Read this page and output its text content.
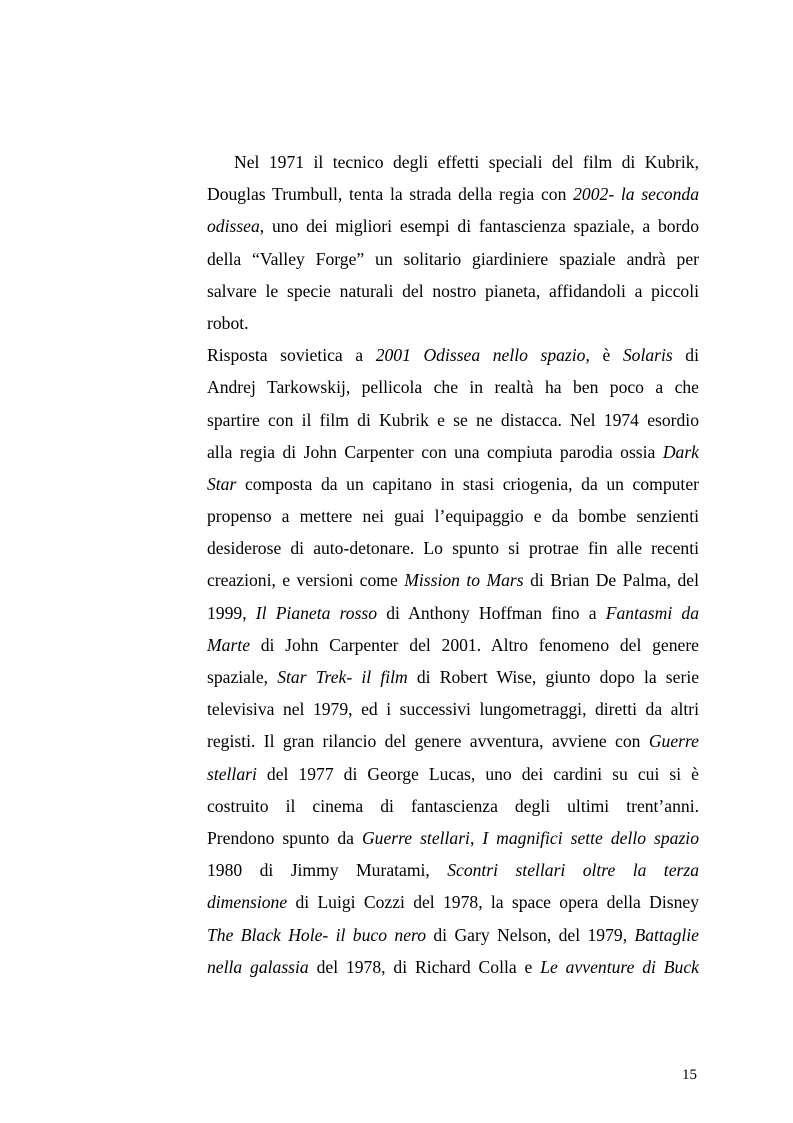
Nel 1971 il tecnico degli effetti speciali del film di Kubrik,
Douglas Trumbull, tenta la strada della regia con 2002- la seconda
odissea, uno dei migliori esempi di fantascienza spaziale, a bordo
della “Valley Forge” un solitario giardiniere spaziale andrà per
salvare le specie naturali del nostro pianeta, affidandoli a piccoli
robot.
Risposta sovietica a 2001 Odissea nello spazio, è Solaris di
Andrej Tarkowskij, pellicola che in realtà ha ben poco a che
spartire con il film di Kubrik e se ne distacca. Nel 1974 esordio
alla regia di John Carpenter con una compiuta parodia ossia Dark
Star composta da un capitano in stasi criogenia, da un computer
propenso a mettere nei guai l’equipaggio e da bombe senzienti
desiderose di auto-detonare. Lo spunto si protrae fin alle recenti
creazioni, e versioni come Mission to Mars di Brian De Palma, del
1999, Il Pianeta rosso di Anthony Hoffman fino a Fantasmi da
Marte di John Carpenter del 2001. Altro fenomeno del genere
spaziale, Star Trek- il film di Robert Wise, giunto dopo la serie
televisiva nel 1979, ed i successivi lungometraggi, diretti da altri
registi. Il gran rilancio del genere avventura, avviene con Guerre
stellari del 1977 di George Lucas, uno dei cardini su cui si è
costruito il cinema di fantascienza degli ultimi trent’anni.
Prendono spunto da Guerre stellari, I magnifici sette dello spazio
1980 di Jimmy Muratami, Scontri stellari oltre la terza
dimensione di Luigi Cozzi del 1978, la space opera della Disney
The Black Hole- il buco nero di Gary Nelson, del 1979, Battaglie
nella galassia del 1978, di Richard Colla e Le avventure di Buck
15
